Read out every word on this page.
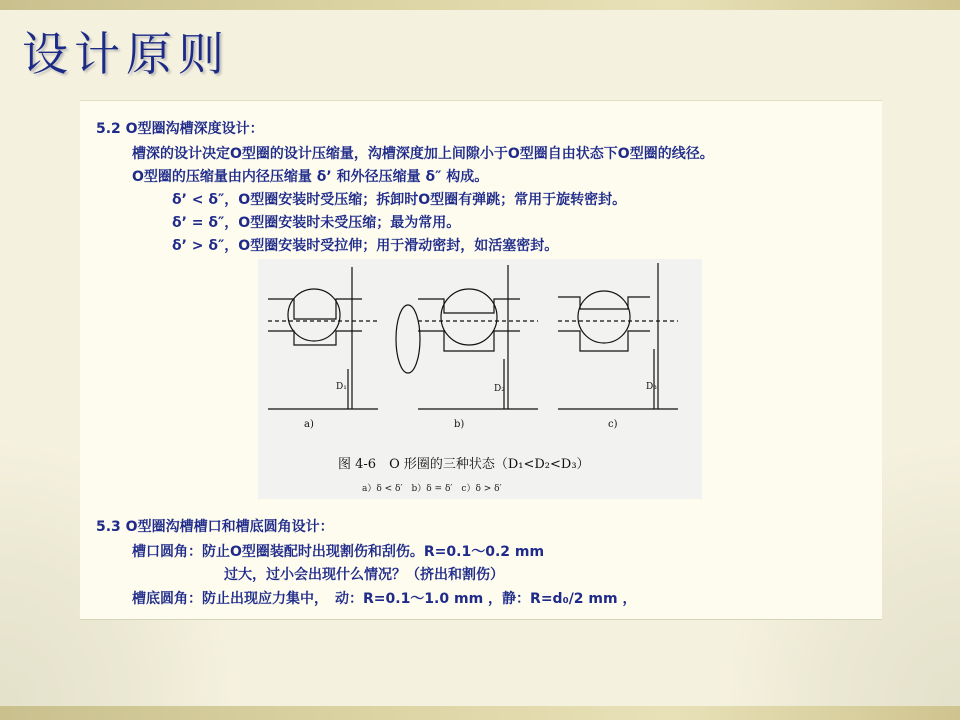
设计原则

5.2 O型圈沟槽深度设计：

槽深的设计决定O型圈的设计压缩量，沟槽深度加上间隙小于O型圈自由状态下O型圈的线径。

O型圈的压缩量由内径压缩量 δ’ 和外径压缩量 δ″ 构成。

δ’ < δ″，O型圈安装时受压缩；拆卸时O型圈有弹跳；常用于旋转密封。

δ’ = δ″，O型圈安装时未受压缩；最为常用。

δ’ > δ″，O型圈安装时受拉伸；用于滑动密封，如活塞密封。

D₁	D₂	D₃
a)	b)	c)
图 4-6　O 形圈的三种状态（D₁<D₂<D₃）
a）δ < δ′　b）δ = δ′　c）δ > δ′

5.3 O型圈沟槽槽口和槽底圆角设计：

槽口圆角：防止O型圈装配时出现割伤和刮伤。R=0.1～0.2 mm

过大，过小会出现什么情况？（挤出和割伤）

槽底圆角：防止出现应力集中，　动：R=0.1～1.0 mm ，静：R=d₀/2 mm ，
